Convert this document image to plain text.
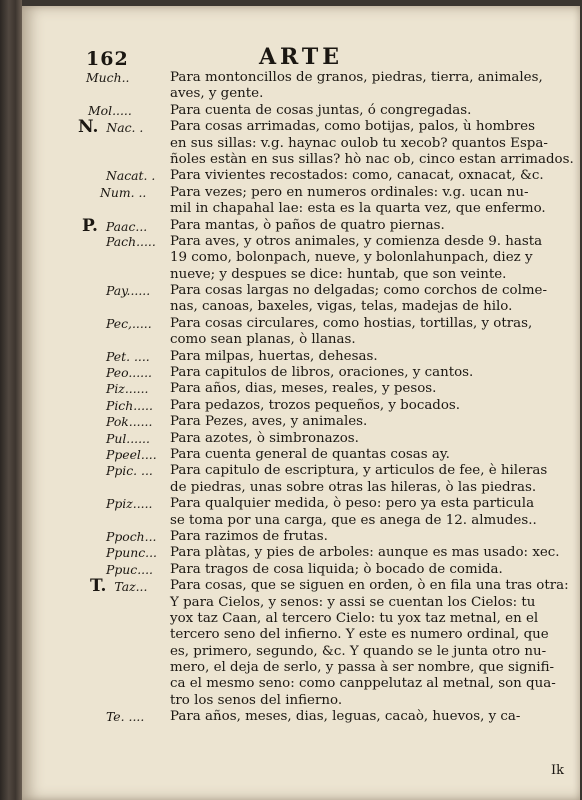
162	ARTE
Much..	Para montoncillos de granos, piedras, tierra, animales,
aves, y gente.
Mol.....	Para cuenta de cosas juntas, ó congregadas.
N. Nac. .	Para cosas arrimadas, como botijas, palos, ù hombres
en sus sillas: v.g. haynac oulob tu xecob? quantos Espa-
ñoles estàn en sus sillas? hò nac ob, cinco estan arrimados.
Nacat. .	Para vivientes recostados: como, canacat, oxnacat, &c.
Num. ..	Para vezes; pero en numeros ordinales: v.g. ucan nu-
mil in chapahal lae: esta es la quarta vez, que enfermo.
P. Paac...	Para mantas, ò paños de quatro piernas.
Pach.....	Para aves, y otros animales, y comienza desde 9. hasta
19 como, bolonpach, nueve, y bolonlahunpach, diez y
nueve; y despues se dice: huntab, que son veinte.
Pay......	Para cosas largas no delgadas; como corchos de colme-
nas, canoas, baxeles, vigas, telas, madejas de hilo.
Pec,.....	Para cosas circulares, como hostias, tortillas, y otras,
como sean planas, ò llanas.
Pet. ....	Para milpas, huertas, dehesas.
Peo......	Para capitulos de libros, oraciones, y cantos.
Piz......	Para años, dias, meses, reales, y pesos.
Pich.....	Para pedazos, trozos pequeños, y bocados.
Pok......	Para Pezes, aves, y animales.
Pul......	Para azotes, ò simbronazos.
Ppeel.... Para cuenta general de quantas cosas ay.
Ppic. ...	Para capitulo de escriptura, y articulos de fee, è hileras
de piedras, unas sobre otras las hileras, ò las piedras.
Ppiz.....	Para qualquier medida, ò peso: pero ya esta particula
se toma por una carga, que es anega de 12. almudes..
Ppoch...	Para razimos de frutas.
Ppunc... Para plàtas, y pies de arboles: aunque es mas usado: xec.
Ppuc....	Para tragos de cosa liquida; ò bocado de comida.
T. Taz...	Para cosas, que se siguen en orden, ò en fila una tras otra:
Y para Cielos, y senos: y assi se cuentan los Cielos: tu
yox taz Caan, al tercero Cielo: tu yox taz metnal, en el
tercero seno del infierno. Y este es numero ordinal, que
es, primero, segundo, &c. Y quando se le junta otro nu-
mero, el deja de serlo, y passa à ser nombre, que signifi-
ca el mesmo seno: como canppelutaz al metnal, son qua-
tro los senos del infierno.
Te. ....	Para años, meses, dias, leguas, cacaò, huevos, y ca-
Ik
